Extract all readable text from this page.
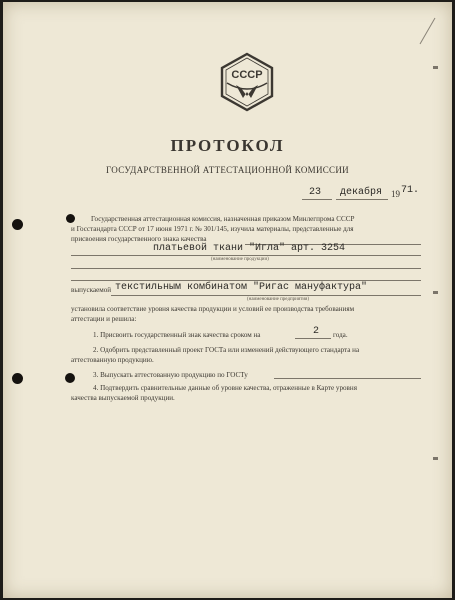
СССР
ПРОТОКОЛ
ГОСУДАРСТВЕННОЙ АТТЕСТАЦИОННОЙ КОМИССИИ
23 декабря 19 71.
Государственная аттестационная комиссия, назначенная приказом Минлегпрома СССР
и Госстандарта СССР от 17 июня 1971 г. № 301/145, изучила материалы, представленные для
присвоения государственного знака качества
платьевой ткани "Игла" арт. 3254
(наименование продукции)
выпускаемой текстильным комбинатом "Ригас мануфактура"
(наименование предприятия)
установила соответствие уровня качества продукции и условий ее производства требованиям
аттестации и решила:
1. Присвоить государственный знак качества сроком на	2 года.
2. Одобрить представленный проект ГОСТа или изменений действующего стандарта на
аттестованную продукцию.
3. Выпускать аттестованную продукцию по ГОСТу
4. Подтвердить сравнительные данные об уровне качества, отраженные в Карте уровня
качества выпускаемой продукции.
